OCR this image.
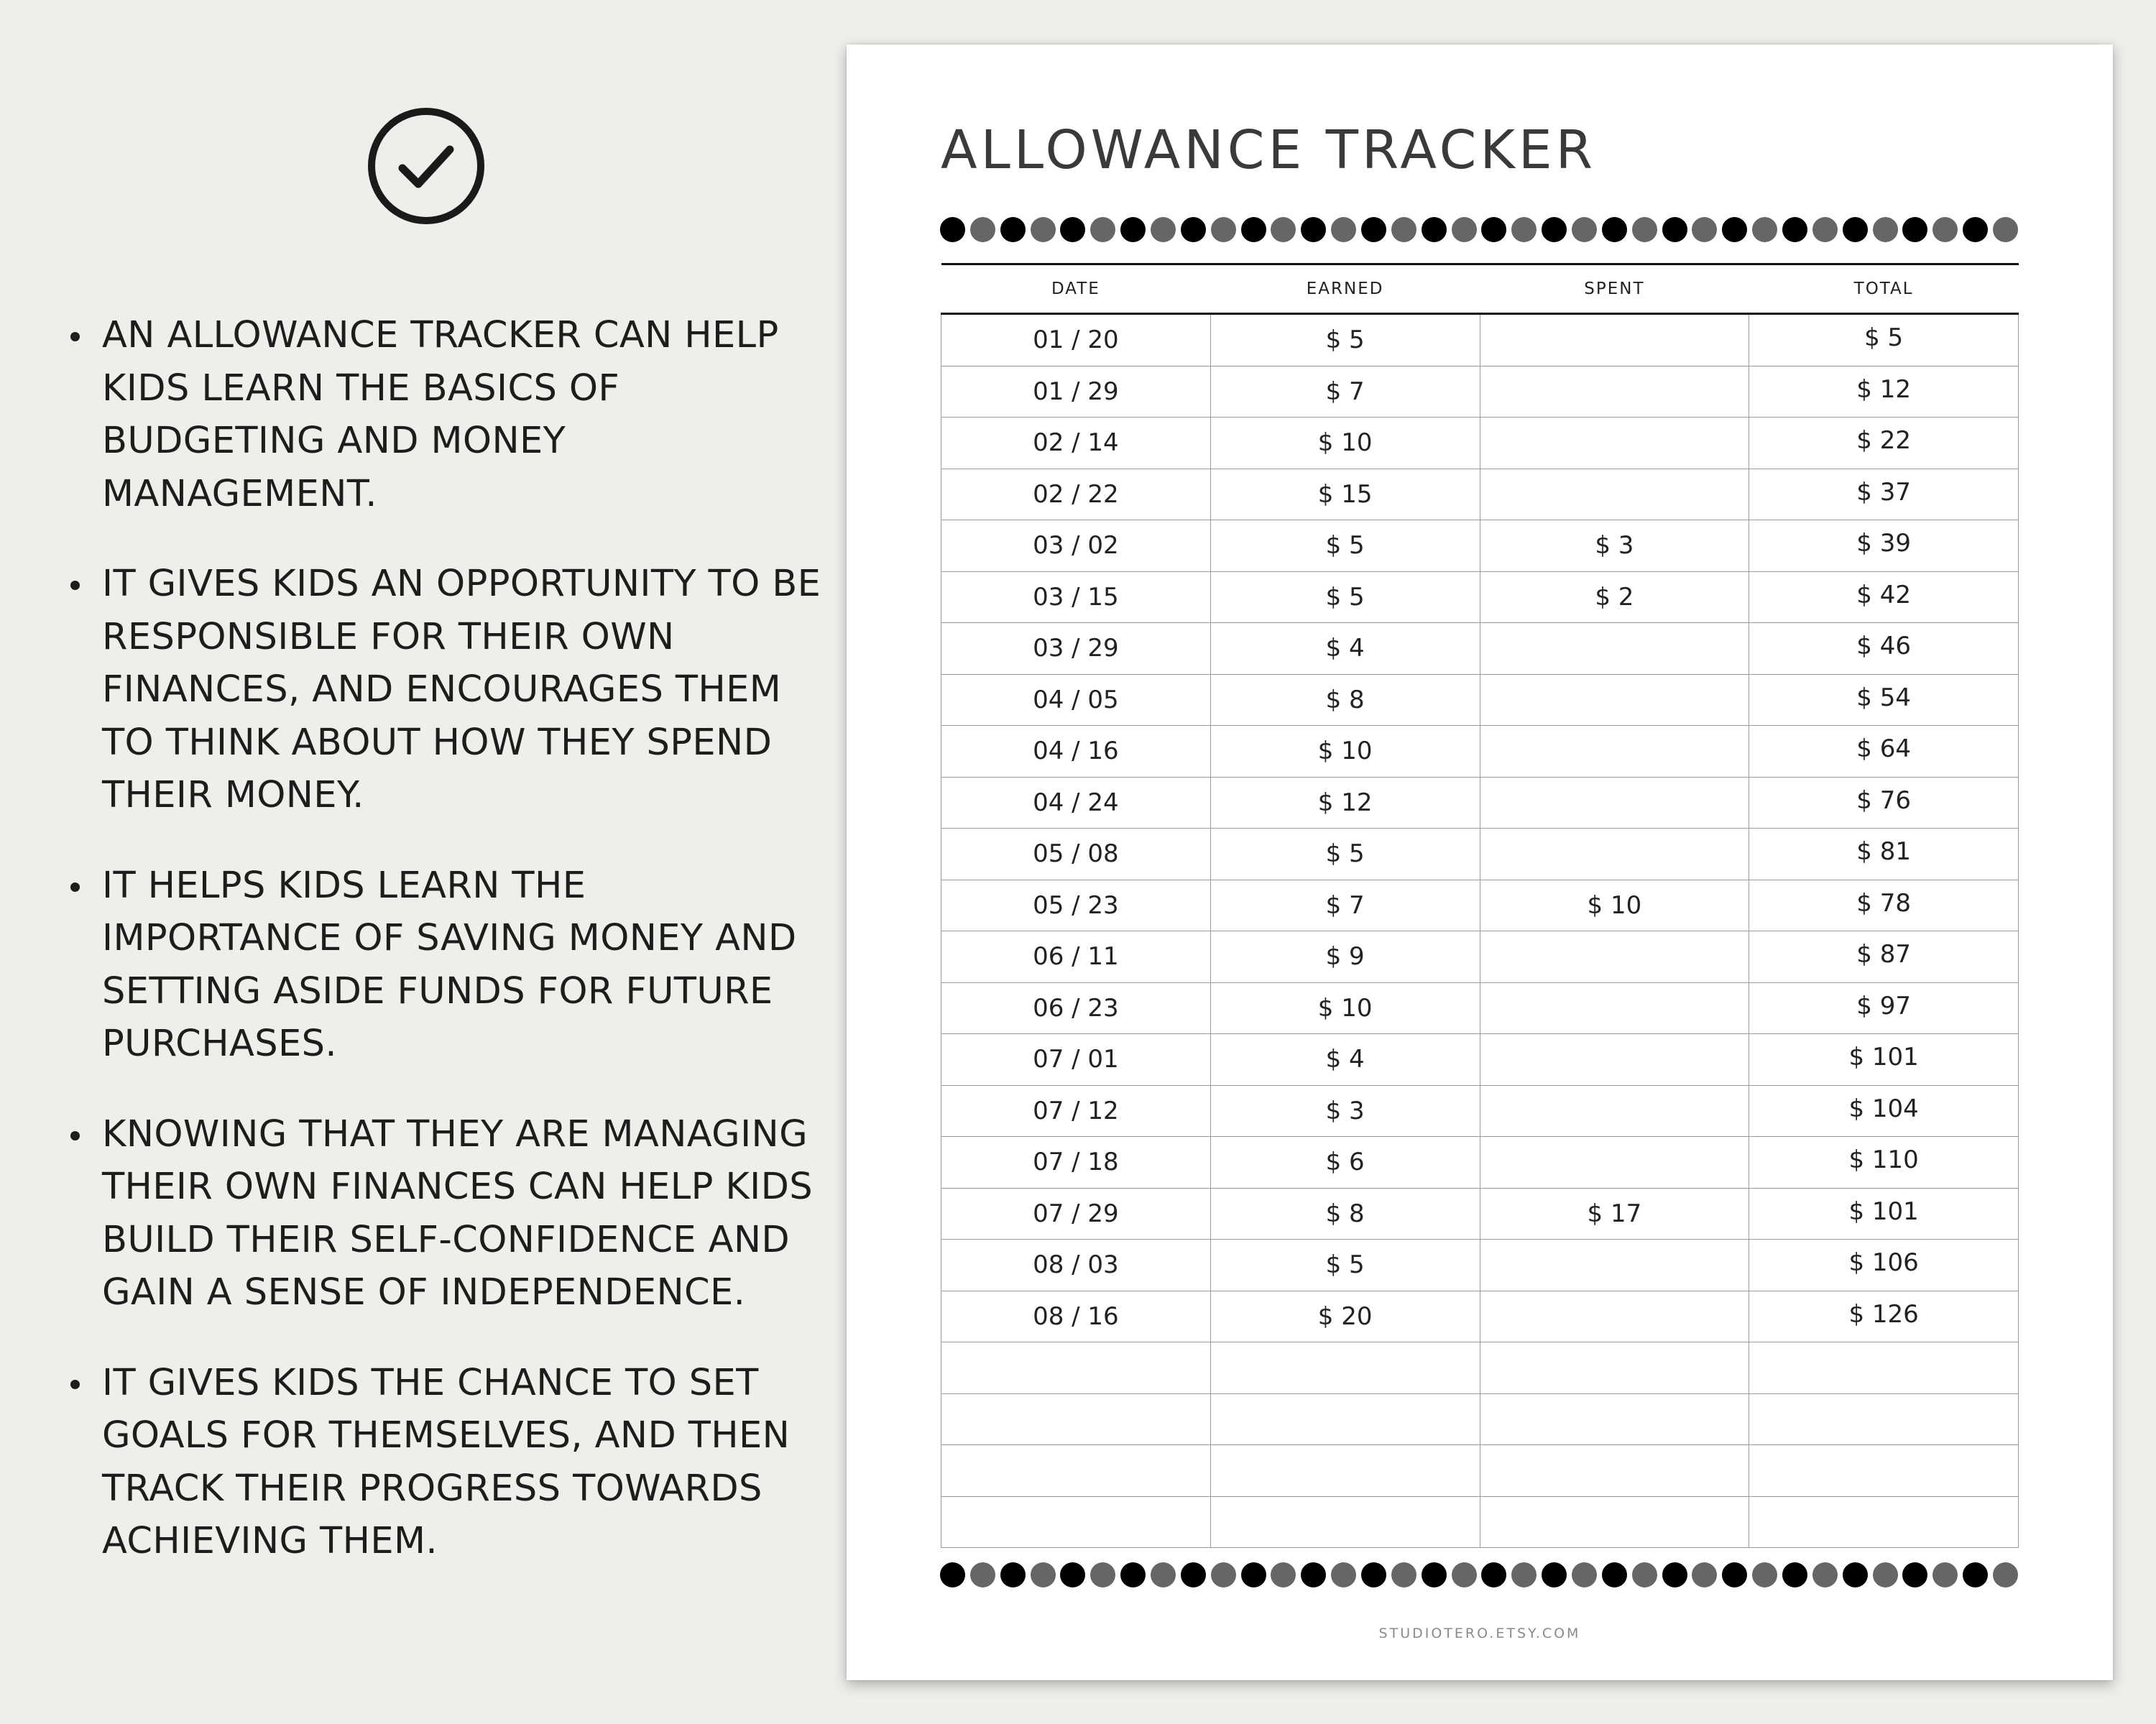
AN ALLOWANCE TRACKER CAN HELP KIDS LEARN THE BASICS OF BUDGETING AND MONEY MANAGEMENT.
IT GIVES KIDS AN OPPORTUNITY TO BE RESPONSIBLE FOR THEIR OWN FINANCES, AND ENCOURAGES THEM TO THINK ABOUT HOW THEY SPEND THEIR MONEY.
IT HELPS KIDS LEARN THE IMPORTANCE OF SAVING MONEY AND SETTING ASIDE FUNDS FOR FUTURE PURCHASES.
KNOWING THAT THEY ARE MANAGING THEIR OWN FINANCES CAN HELP KIDS BUILD THEIR SELF-CONFIDENCE AND GAIN A SENSE OF INDEPENDENCE.
IT GIVES KIDS THE CHANCE TO SET GOALS FOR THEMSELVES, AND THEN TRACK THEIR PROGRESS TOWARDS ACHIEVING THEM.
ALLOWANCE TRACKER
DATE	EARNED	SPENT	TOTAL
01 / 20	$ 5		$ 5
01 / 29	$ 7		$ 12
02 / 14	$ 10		$ 22
02 / 22	$ 15		$ 37
03 / 02	$ 5	$ 3	$ 39
03 / 15	$ 5	$ 2	$ 42
03 / 29	$ 4		$ 46
04 / 05	$ 8		$ 54
04 / 16	$ 10		$ 64
04 / 24	$ 12		$ 76
05 / 08	$ 5		$ 81
05 / 23	$ 7	$ 10	$ 78
06 / 11	$ 9		$ 87
06 / 23	$ 10		$ 97
07 / 01	$ 4		$ 101
07 / 12	$ 3		$ 104
07 / 18	$ 6		$ 110
07 / 29	$ 8	$ 17	$ 101
08 / 03	$ 5		$ 106
08 / 16	$ 20		$ 126

STUDIOTERO.ETSY.COM
